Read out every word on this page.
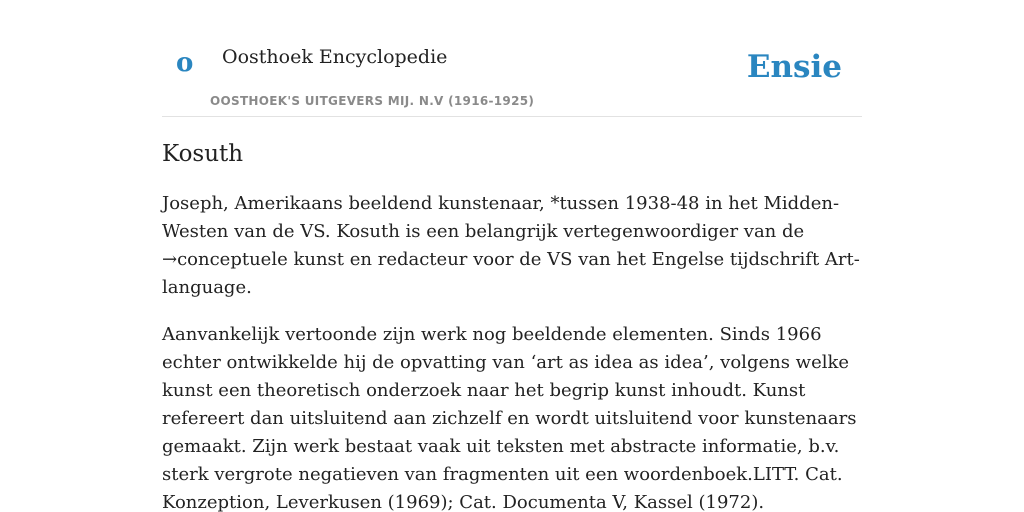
o Oosthoek Encyclopedie
OOSTHOEK'S UITGEVERS MIJ. N.V (1916-1925)
Ensie
Kosuth

Joseph, Amerikaans beeldend kunstenaar, *tussen 1938-48 in het Midden-Westen van de VS. Kosuth is een belangrijk vertegenwoordiger van de →conceptuele kunst en redacteur voor de VS van het Engelse tijdschrift Art-language.

Aanvankelijk vertoonde zijn werk nog beeldende elementen. Sinds 1966 echter ontwikkelde hij de opvatting van ‘art as idea as idea’, volgens welke kunst een theoretisch onderzoek naar het begrip kunst inhoudt. Kunst refereert dan uitsluitend aan zichzelf en wordt uitsluitend voor kunstenaars gemaakt. Zijn werk bestaat vaak uit teksten met abstracte informatie, b.v. sterk vergrote negatieven van fragmenten uit een woordenboek.LITT. Cat. Konzeption, Leverkusen (1969); Cat. Documenta V, Kassel (1972).
